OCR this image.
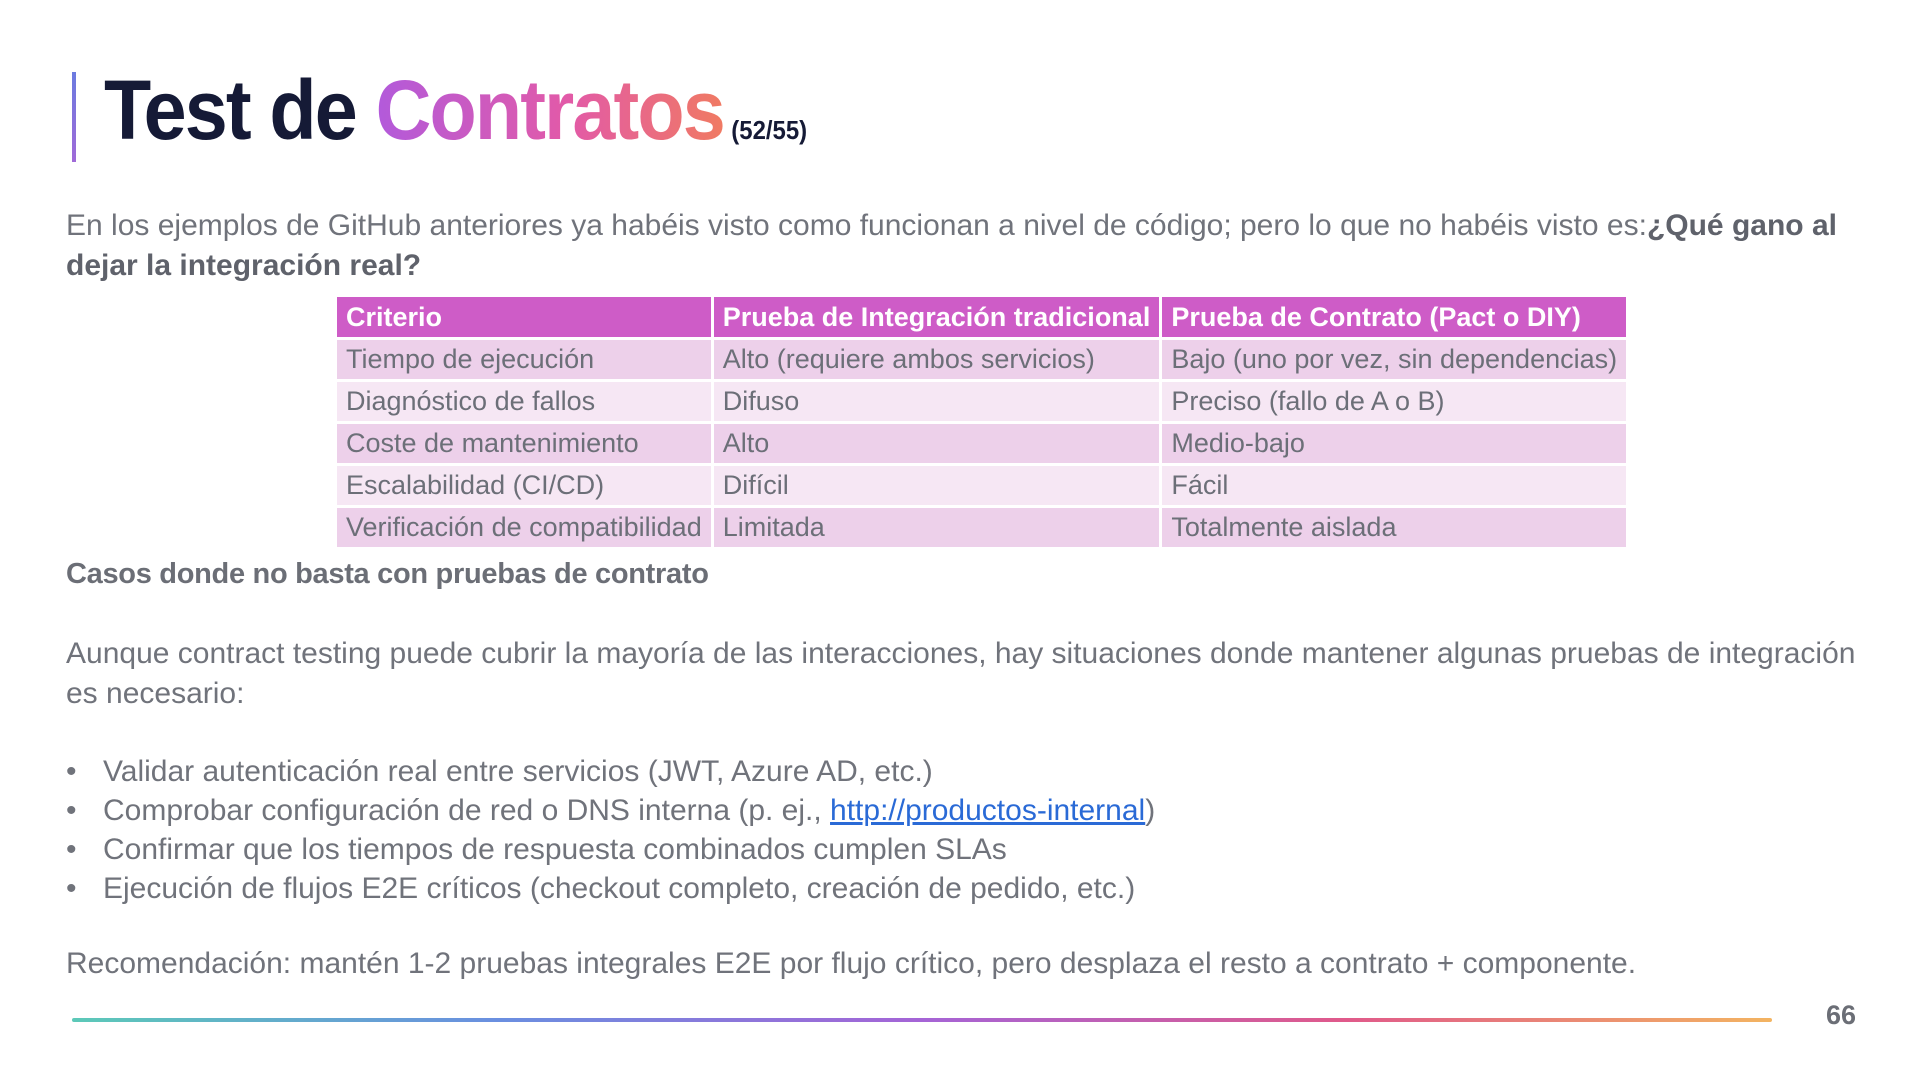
Test de Contratos (52/55)

En los ejemplos de GitHub anteriores ya habéis visto como funcionan a nivel de código; pero lo que no habéis visto es:¿Qué gano al dejar la integración real?

Criterio	Prueba de Integración tradicional	Prueba de Contrato (Pact o DIY)
Tiempo de ejecución	Alto (requiere ambos servicios)	Bajo (uno por vez, sin dependencias)
Diagnóstico de fallos	Difuso	Preciso (fallo de A o B)
Coste de mantenimiento	Alto	Medio-bajo
Escalabilidad (CI/CD)	Difícil	Fácil
Verificación de compatibilidad	Limitada	Totalmente aislada
Casos donde no basta con pruebas de contrato

Aunque contract testing puede cubrir la mayoría de las interacciones, hay situaciones donde mantener algunas pruebas de integración es necesario:

• Validar autenticación real entre servicios (JWT, Azure AD, etc.)
• Comprobar configuración de red o DNS interna (p. ej., http://productos-internal)
• Confirmar que los tiempos de respuesta combinados cumplen SLAs
• Ejecución de flujos E2E críticos (checkout completo, creación de pedido, etc.)

Recomendación: mantén 1-2 pruebas integrales E2E por flujo crítico, pero desplaza el resto a contrato + componente.

66
